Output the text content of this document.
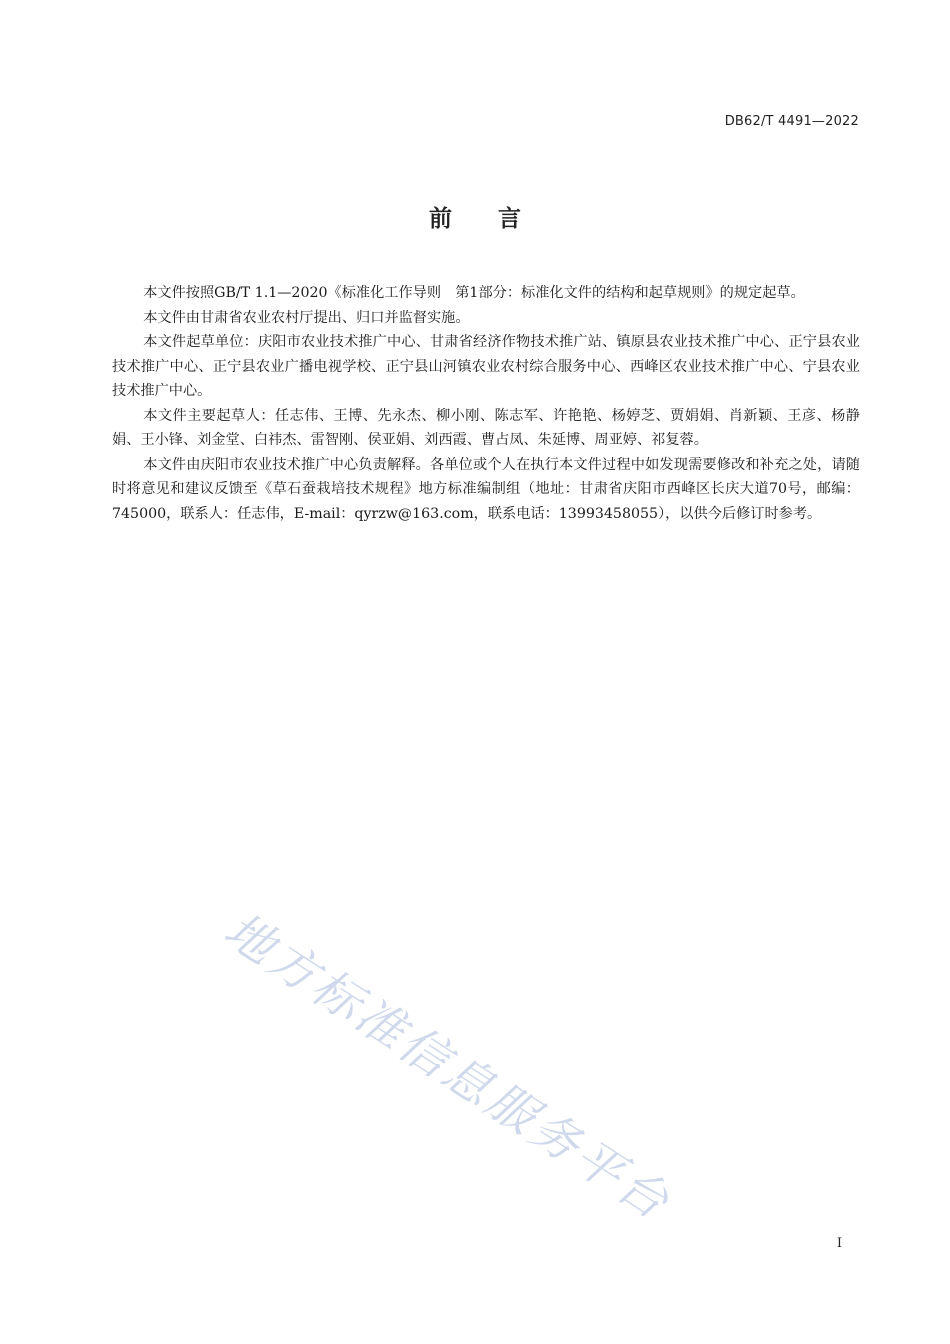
DB62/T 4491—2022
前　　言

本文件按照GB/T 1.1—2020《标准化工作导则　第1部分：标准化文件的结构和起草规则》的规定起草。

本文件由甘肃省农业农村厅提出、归口并监督实施。

本文件起草单位：庆阳市农业技术推广中心、甘肃省经济作物技术推广站、镇原县农业技术推广中心、正宁县农业技术推广中心、正宁县农业广播电视学校、正宁县山河镇农业农村综合服务中心、西峰区农业技术推广中心、宁县农业技术推广中心。

本文件主要起草人：任志伟、王博、先永杰、柳小刚、陈志军、许艳艳、杨婷芝、贾娟娟、肖新颖、王彦、杨静娟、王小锋、刘金堂、白祎杰、雷智刚、侯亚娟、刘西霞、曹占凤、朱延博、周亚婷、祁复蓉。

本文件由庆阳市农业技术推广中心负责解释。各单位或个人在执行本文件过程中如发现需要修改和补充之处，请随时将意见和建议反馈至《草石蚕栽培技术规程》地方标准编制组（地址：甘肃省庆阳市西峰区长庆大道70号，邮编：745000，联系人：任志伟，E-mail：qyrzw@163.com，联系电话：13993458055），以供今后修订时参考。

地方标准信息服务平台
I
